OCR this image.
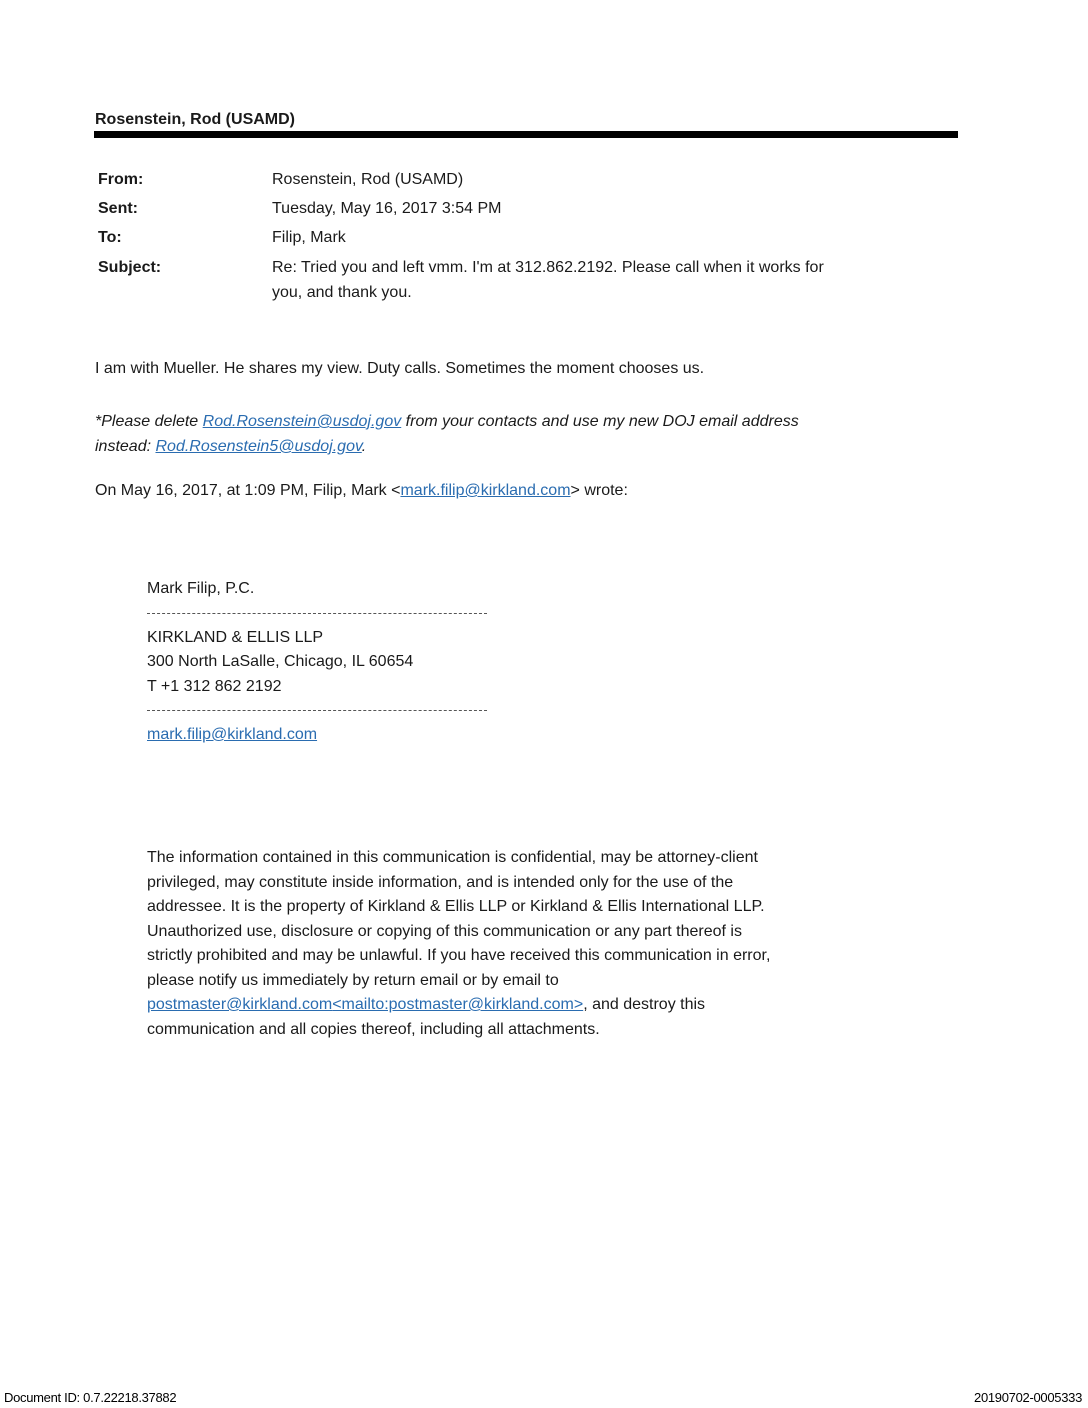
Rosenstein, Rod (USAMD)
From:	Rosenstein, Rod (USAMD)
Sent:	Tuesday, May 16, 2017 3:54 PM
To:	Filip, Mark
Subject:	Re: Tried you and left vmm. I'm at 312.862.2192. Please call when it works for
you, and thank you.
I am with Mueller. He shares my view. Duty calls. Sometimes the moment chooses us.
*Please delete Rod.Rosenstein@usdoj.gov from your contacts and use my new DOJ email address
instead: Rod.Rosenstein5@usdoj.gov.
On May 16, 2017, at 1:09 PM, Filip, Mark <mark.filip@kirkland.com> wrote:
Mark Filip, P.C.
KIRKLAND & ELLIS LLP
300 North LaSalle, Chicago, IL 60654
T +1 312 862 2192
mark.filip@kirkland.com
The information contained in this communication is confidential, may be attorney-client
privileged, may constitute inside information, and is intended only for the use of the
addressee. It is the property of Kirkland & Ellis LLP or Kirkland & Ellis International LLP.
Unauthorized use, disclosure or copying of this communication or any part thereof is
strictly prohibited and may be unlawful. If you have received this communication in error,
please notify us immediately by return email or by email to
postmaster@kirkland.com<mailto:postmaster@kirkland.com>, and destroy this
communication and all copies thereof, including all attachments.
Document ID: 0.7.22218.37882	20190702-0005333
